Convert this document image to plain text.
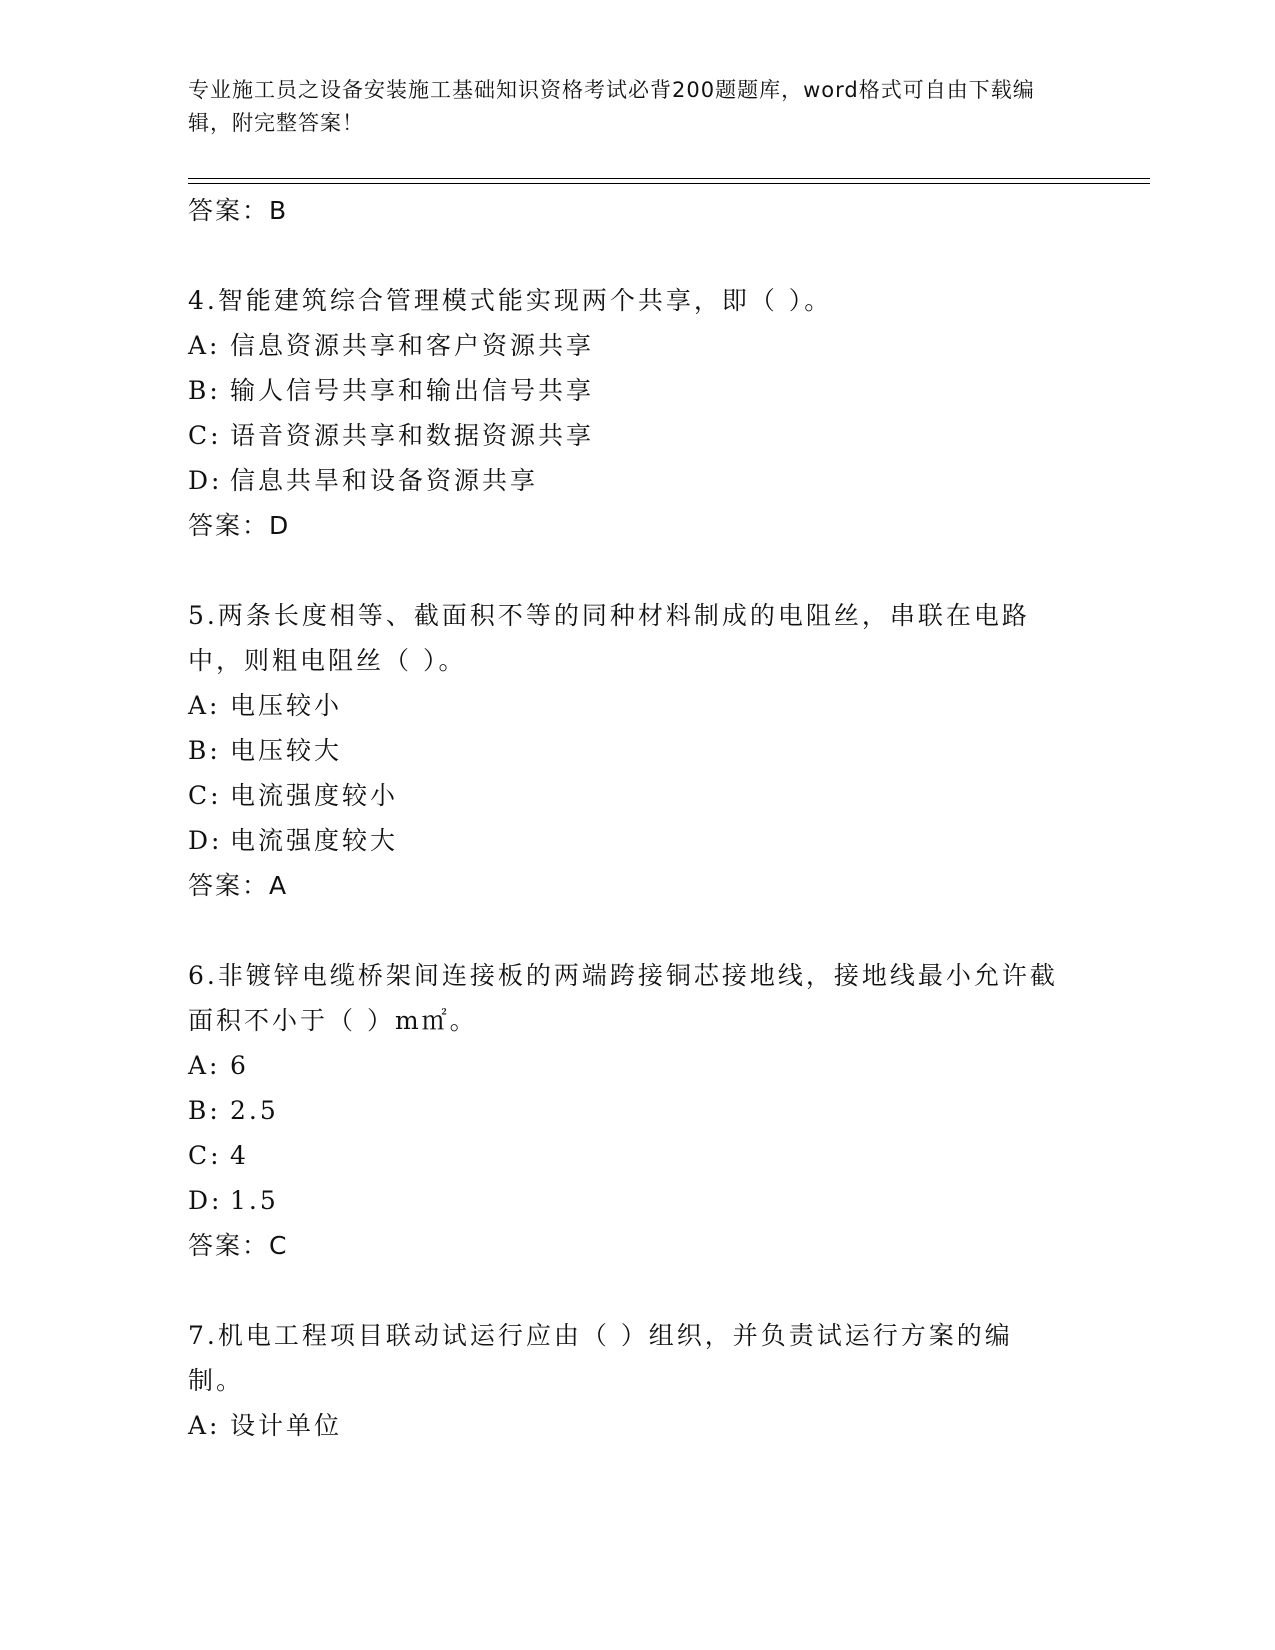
专业施工员之设备安装施工基础知识资格考试必背200题题库，word格式可自由下载编辑，附完整答案！
答案：B
4.智能建筑综合管理模式能实现两个共享，即（ ）。
A: 信息资源共享和客户资源共享
B: 输人信号共享和输出信号共享
C: 语音资源共享和数据资源共享
D: 信息共旱和设备资源共享
答案：D
5.两条长度相等、截面积不等的同种材料制成的电阻丝，串联在电路中，则粗电阻丝（ ）。
A: 电压较小
B: 电压较大
C: 电流强度较小
D: 电流强度较大
答案：A
6.非镀锌电缆桥架间连接板的两端跨接铜芯接地线，接地线最小允许截面积不小于（ ）m㎡。
A: 6
B: 2.5
C: 4
D: 1.5
答案：C
7.机电工程项目联动试运行应由（ ）组织，并负责试运行方案的编制。
A: 设计单位
